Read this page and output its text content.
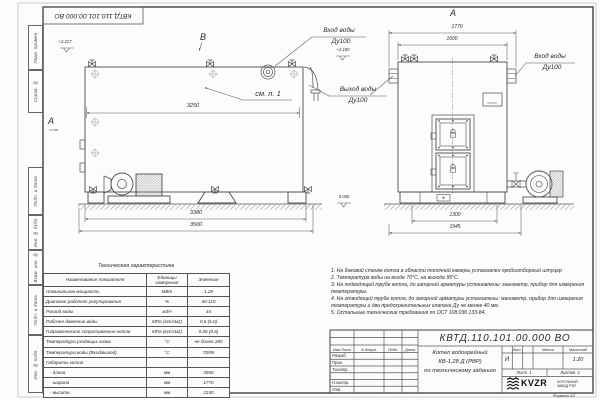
Перв. примен.
Справ. №
Подп. и дата
Инв. № дубл.
Взам. инв. №
Подп. и дата
Инв. № подл.
КВТД.110.101.00.000 ВО
3250
3380
3500
В
А
+2.217
см. п. 1
Вход воды
Ду100
Выход воды
Ду100
Вход воды
Ду100
А
1770
1600
1300
1945
0.000
+2.100
Техническая характеристика
Наименование показателя	Единицы измерения	Значение
Номинальная мощность	МВт	1,28
Диапазон рабочего регулирования	%	40-110
Расход воды	м3/ч	44
Рабочее давление воды	МПа (кгс/см2)	0,6 (6,0)
Гидравлическое сопротивление котла	МПа (кгс/см2)	0,06 (0,6)
Температура уходящих газов	°С	не более 280
Температура воды (Вход/выход)	°С	70/95
Габариты котла		
- длина	мм	3500
- ширина	мм	1770
- высота	мм	2150
1. На боковой стенке котла в области топочной камеры установлен пробоотборный штуцер
2. Температура воды на входе 70°С, на выходе 95°С.
3. На подводящей трубе котла, до запорной арматуры установлены: манометр, прибор для измерения температуры.
4. На отводящей трубе котла, до запорной арматуры установлены: манометр, прибор для измерения температуры и два предохранительных клапана Ду не менее 40 мм.
5. Остальные технические требования по ОСТ 108.030.133-84.
КВТД.110.101.00.000 ВО
Изм.Лист	N докум.	Подп. Дата
Разраб.
Пров.
Т.контр.
Н.контр.
Утв.
Котел водогрейный
КВ-1,28 Д (РВР)
по техническому заданию
Лит.	Масса	Масштаб
И	1:20
Лист  1	Листов  2
KVZR	КОТЕЛЬНЫЙ
ЗАВОД РЭП
Формат А3
